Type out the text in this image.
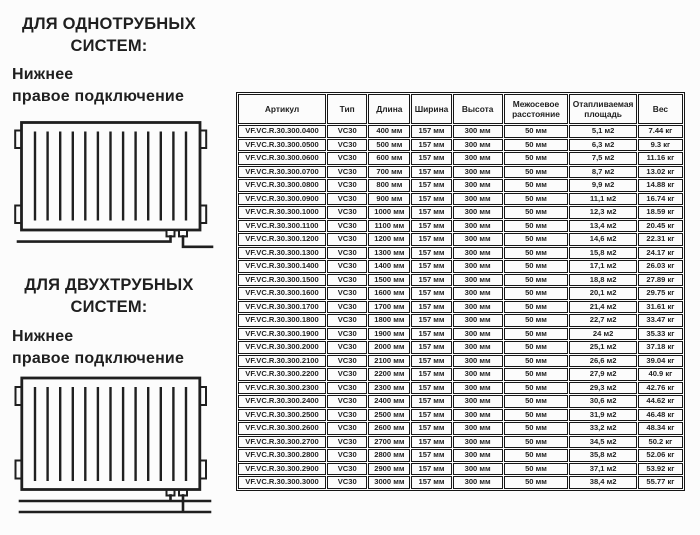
ДЛЯ ОДНОТРУБНЫХ
СИСТЕМ:
Нижнее
правое подключение
ДЛЯ ДВУХТРУБНЫХ
СИСТЕМ:
Нижнее
правое подключение
Артикул	Тип	Длина	Ширина	Высота	Межосевое расстояние	Отапливаемая площадь	Вес
VF.VC.R.30.300.0400	VC30	400 мм	157 мм	300 мм	50 мм	5,1 м2	7.44 кг
VF.VC.R.30.300.0500	VC30	500 мм	157 мм	300 мм	50 мм	6,3 м2	9.3 кг
VF.VC.R.30.300.0600	VC30	600 мм	157 мм	300 мм	50 мм	7,5 м2	11.16 кг
VF.VC.R.30.300.0700	VC30	700 мм	157 мм	300 мм	50 мм	8,7 м2	13.02 кг
VF.VC.R.30.300.0800	VC30	800 мм	157 мм	300 мм	50 мм	9,9 м2	14.88 кг
VF.VC.R.30.300.0900	VC30	900 мм	157 мм	300 мм	50 мм	11,1 м2	16.74 кг
VF.VC.R.30.300.1000	VC30	1000 мм	157 мм	300 мм	50 мм	12,3 м2	18.59 кг
VF.VC.R.30.300.1100	VC30	1100 мм	157 мм	300 мм	50 мм	13,4 м2	20.45 кг
VF.VC.R.30.300.1200	VC30	1200 мм	157 мм	300 мм	50 мм	14,6 м2	22.31 кг
VF.VC.R.30.300.1300	VC30	1300 мм	157 мм	300 мм	50 мм	15,8 м2	24.17 кг
VF.VC.R.30.300.1400	VC30	1400 мм	157 мм	300 мм	50 мм	17,1 м2	26.03 кг
VF.VC.R.30.300.1500	VC30	1500 мм	157 мм	300 мм	50 мм	18,8 м2	27.89 кг
VF.VC.R.30.300.1600	VC30	1600 мм	157 мм	300 мм	50 мм	20,1 м2	29.75 кг
VF.VC.R.30.300.1700	VC30	1700 мм	157 мм	300 мм	50 мм	21,4 м2	31.61 кг
VF.VC.R.30.300.1800	VC30	1800 мм	157 мм	300 мм	50 мм	22,7 м2	33.47 кг
VF.VC.R.30.300.1900	VC30	1900 мм	157 мм	300 мм	50 мм	24 м2	35.33 кг
VF.VC.R.30.300.2000	VC30	2000 мм	157 мм	300 мм	50 мм	25,1 м2	37.18 кг
VF.VC.R.30.300.2100	VC30	2100 мм	157 мм	300 мм	50 мм	26,6 м2	39.04 кг
VF.VC.R.30.300.2200	VC30	2200 мм	157 мм	300 мм	50 мм	27,9 м2	40.9 кг
VF.VC.R.30.300.2300	VC30	2300 мм	157 мм	300 мм	50 мм	29,3 м2	42.76 кг
VF.VC.R.30.300.2400	VC30	2400 мм	157 мм	300 мм	50 мм	30,6 м2	44.62 кг
VF.VC.R.30.300.2500	VC30	2500 мм	157 мм	300 мм	50 мм	31,9 м2	46.48 кг
VF.VC.R.30.300.2600	VC30	2600 мм	157 мм	300 мм	50 мм	33,2 м2	48.34 кг
VF.VC.R.30.300.2700	VC30	2700 мм	157 мм	300 мм	50 мм	34,5 м2	50.2 кг
VF.VC.R.30.300.2800	VC30	2800 мм	157 мм	300 мм	50 мм	35,8 м2	52.06 кг
VF.VC.R.30.300.2900	VC30	2900 мм	157 мм	300 мм	50 мм	37,1 м2	53.92 кг
VF.VC.R.30.300.3000	VC30	3000 мм	157 мм	300 мм	50 мм	38,4 м2	55.77 кг
